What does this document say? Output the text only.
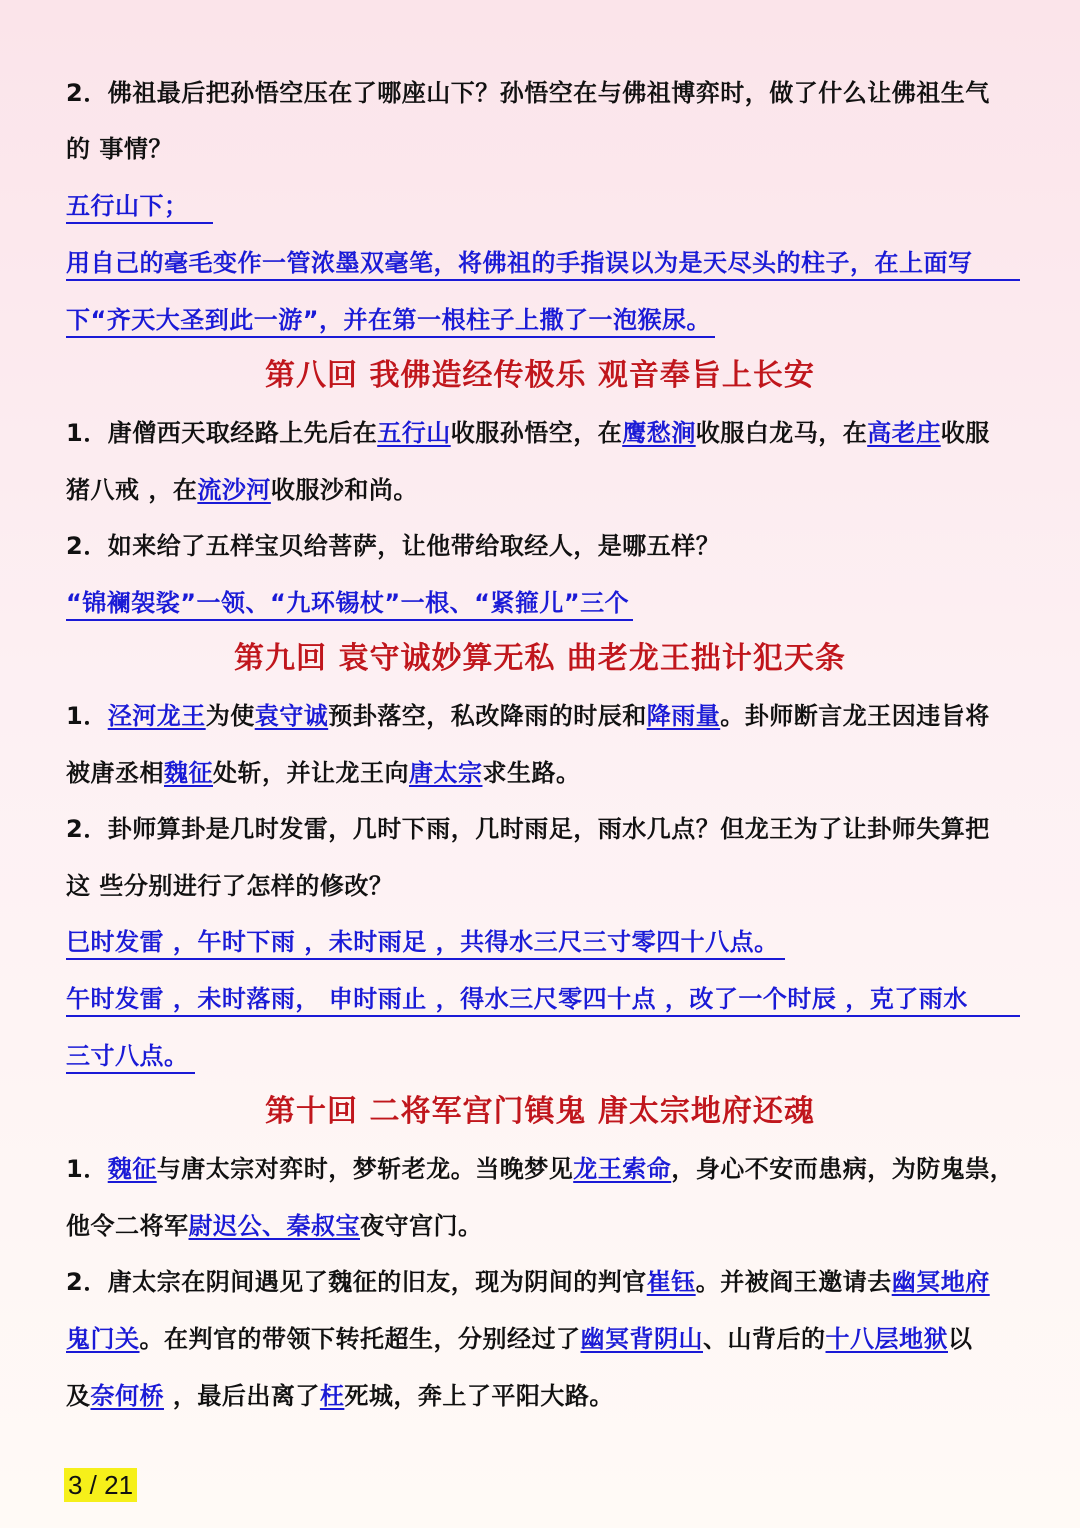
2．佛祖最后把孙悟空压在了哪座山下？孙悟空在与佛祖博弈时，做了什么让佛祖生气
的 事情？
五行山下；
用自己的毫毛变作一管浓墨双毫笔，将佛祖的手指误以为是天尽头的柱子，在上面写
下“齐天大圣到此一游”，并在第一根柱子上撒了一泡猴尿。
第八回 我佛造经传极乐 观音奉旨上长安
1．唐僧西天取经路上先后在五行山收服孙悟空，在鹰愁涧收服白龙马，在高老庄收服
猪八戒 ，在流沙河收服沙和尚。
2．如来给了五样宝贝给菩萨，让他带给取经人，是哪五样？
“锦襕袈裟”一领、“九环锡杖”一根、“紧箍儿”三个
第九回 袁守诚妙算无私 曲老龙王拙计犯天条
1．泾河龙王为使袁守诚预卦落空，私改降雨的时辰和降雨量。卦师断言龙王因违旨将
被唐丞相魏征处斩，并让龙王向唐太宗求生路。
2．卦师算卦是几时发雷，几时下雨，几时雨足，雨水几点？但龙王为了让卦师失算把
这 些分别进行了怎样的修改？
巳时发雷 ，午时下雨 ，未时雨足 ，共得水三尺三寸零四十八点。
午时发雷 ，未时落雨， 申时雨止 ，得水三尺零四十点 ，改了一个时辰 ，克了雨水
三寸八点。
第十回 二将军宫门镇鬼 唐太宗地府还魂
1．魏征与唐太宗对弈时，梦斩老龙。当晚梦见龙王索命，身心不安而患病，为防鬼祟，
他令二将军尉迟公、秦叔宝夜守宫门。
2．唐太宗在阴间遇见了魏征的旧友，现为阴间的判官崔钰。并被阎王邀请去幽冥地府
鬼门关。在判官的带领下转托超生，分别经过了幽冥背阴山、山背后的十八层地狱以
及奈何桥 ，最后出离了枉死城，奔上了平阳大路。
3 / 21
